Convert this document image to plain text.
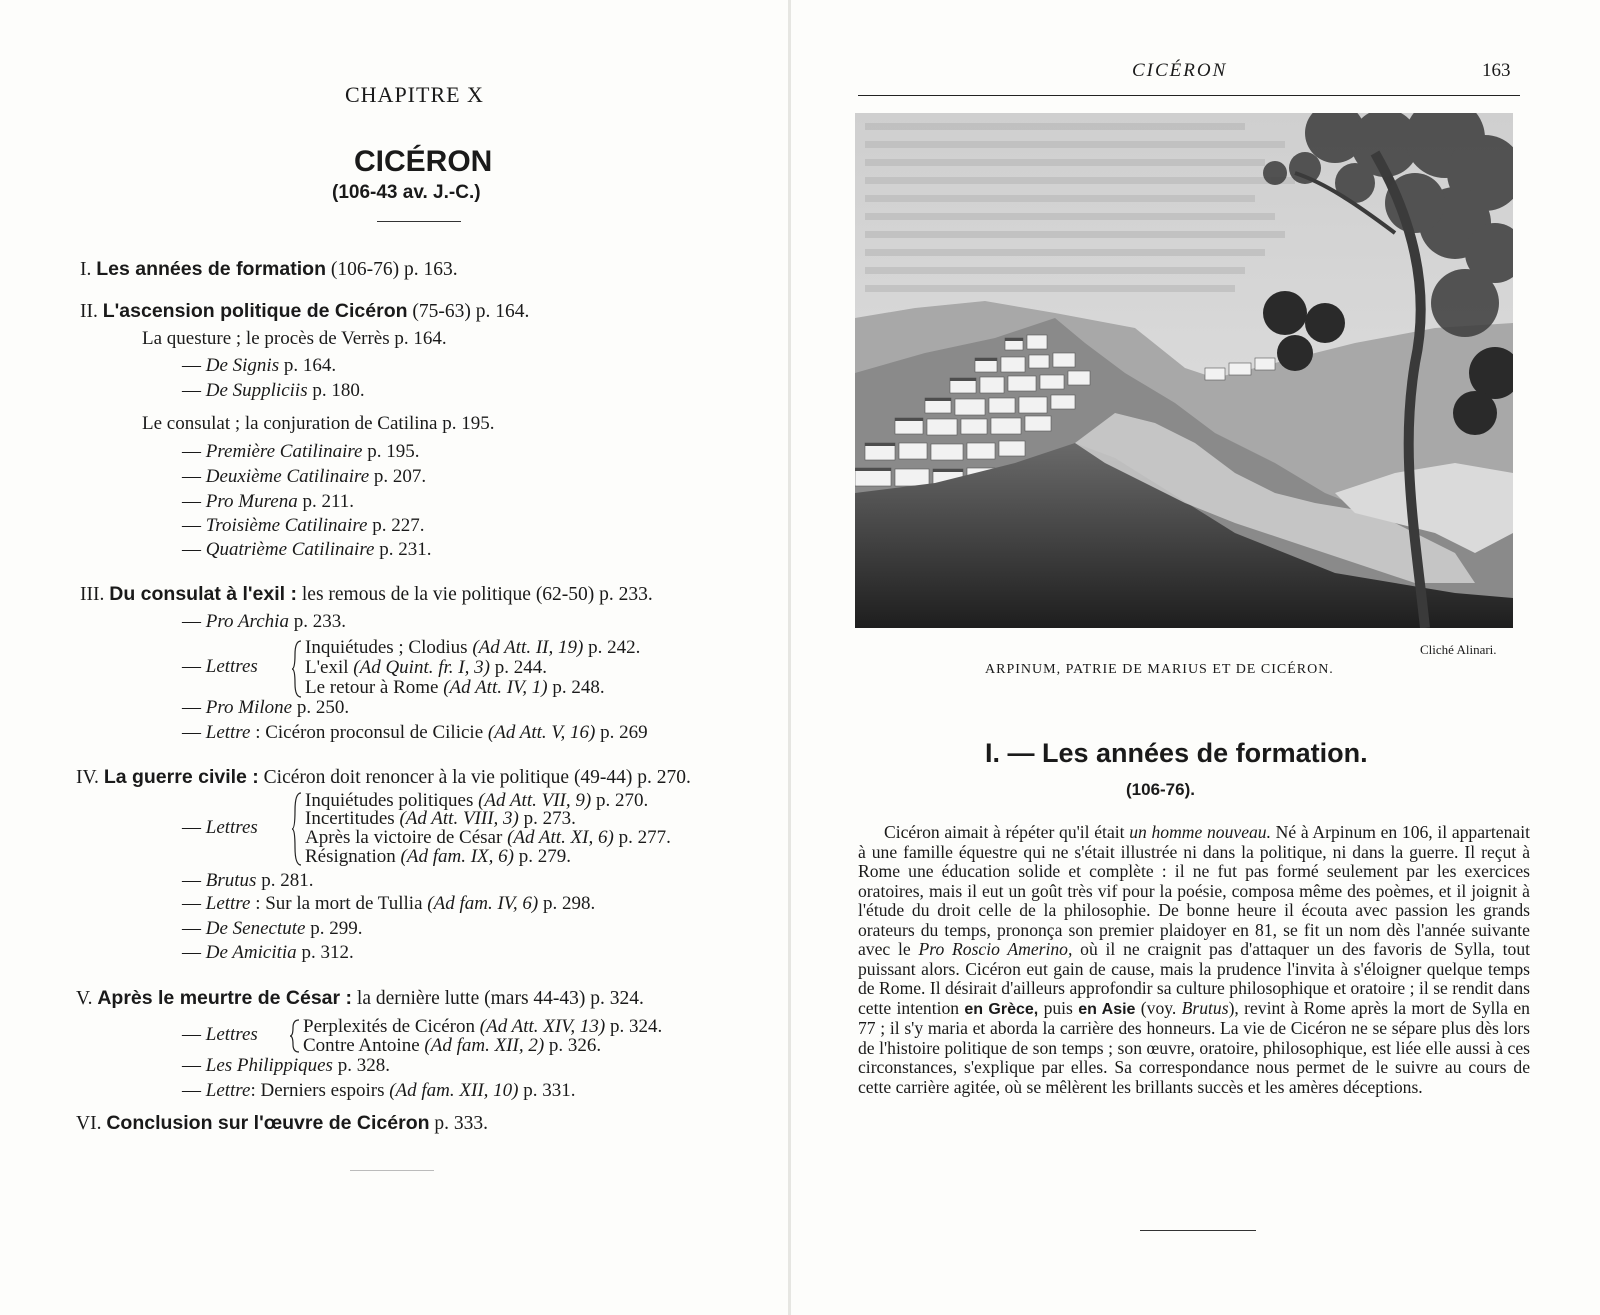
CHAPITRE X
CICÉRON
(106-43 av. J.-C.)
I. Les années de formation (106-76) p. 163.
II. L'ascension politique de Cicéron (75-63) p. 164.
La questure ; le procès de Verrès p. 164.
— De Signis p. 164.
— De Suppliciis p. 180.
Le consulat ; la conjuration de Catilina p. 195.
— Première Catilinaire p. 195.
— Deuxième Catilinaire p. 207.
— Pro Murena p. 211.
— Troisième Catilinaire p. 227.
— Quatrième Catilinaire p. 231.
III. Du consulat à l'exil : les remous de la vie politique (62-50) p. 233.
— Pro Archia p. 233.
Inquiétudes ; Clodius (Ad Att. II, 19) p. 242.
— Lettres L'exil (Ad Quint. fr. I, 3) p. 244.
Le retour à Rome (Ad Att. IV, 1) p. 248.
— Pro Milone p. 250.
— Lettre : Cicéron proconsul de Cilicie (Ad Att. V, 16) p. 269
IV. La guerre civile : Cicéron doit renoncer à la vie politique (49-44) p. 270.
Inquiétudes politiques (Ad Att. VII, 9) p. 270.
Incertitudes (Ad Att. VIII, 3) p. 273.
— Lettres Après la victoire de César (Ad Att. XI, 6) p. 277.
Résignation (Ad fam. IX, 6) p. 279.
— Brutus p. 281.
— Lettre : Sur la mort de Tullia (Ad fam. IV, 6) p. 298.
— De Senectute p. 299.
— De Amicitia p. 312.
V. Après le meurtre de César : la dernière lutte (mars 44-43) p. 324.
Perplexités de Cicéron (Ad Att. XIV, 13) p. 324.
— Lettres
Contre Antoine (Ad fam. XII, 2) p. 326.
— Les Philippiques p. 328.
— Lettre: Derniers espoirs (Ad fam. XII, 10) p. 331.
VI. Conclusion sur l'œuvre de Cicéron p. 333.
CICÉRON	163
Cliché Alinari.
ARPINUM, PATRIE DE MARIUS ET DE CICÉRON.
I. — Les années de formation.
(106-76).

Cicéron aimait à répéter qu'il était un homme nouveau. Né à Arpinum en 106, il appartenait à une famille équestre qui ne s'était illustrée ni dans la politique, ni dans la guerre. Il reçut à Rome une éducation solide et complète : il ne fut pas formé seulement par les exercices oratoires, mais il eut un goût très vif pour la poésie, composa même des poèmes, et il joignit à l'étude du droit celle de la philosophie. De bonne heure il écouta avec passion les grands orateurs du temps, prononça son premier plaidoyer en 81, se fit un nom dès l'année suivante avec le Pro Roscio Amerino, où il ne craignit pas d'attaquer un des favoris de Sylla, tout puissant alors. Cicéron eut gain de cause, mais la prudence l'invita à s'éloigner quelque temps de Rome. Il désirait d'ailleurs approfondir sa culture philosophique et oratoire ; il se rendit dans cette intention en Grèce, puis en Asie (voy. Brutus), revint à Rome après la mort de Sylla en 77 ; il s'y maria et aborda la carrière des honneurs. La vie de Cicéron ne se sépare plus dès lors de l'histoire politique de son temps ; son œuvre, oratoire, philosophique, est liée elle aussi à ces circonstances, s'explique par elles. Sa correspondance nous permet de le suivre au cours de cette carrière agitée, où se mêlèrent les brillants succès et les amères déceptions.
